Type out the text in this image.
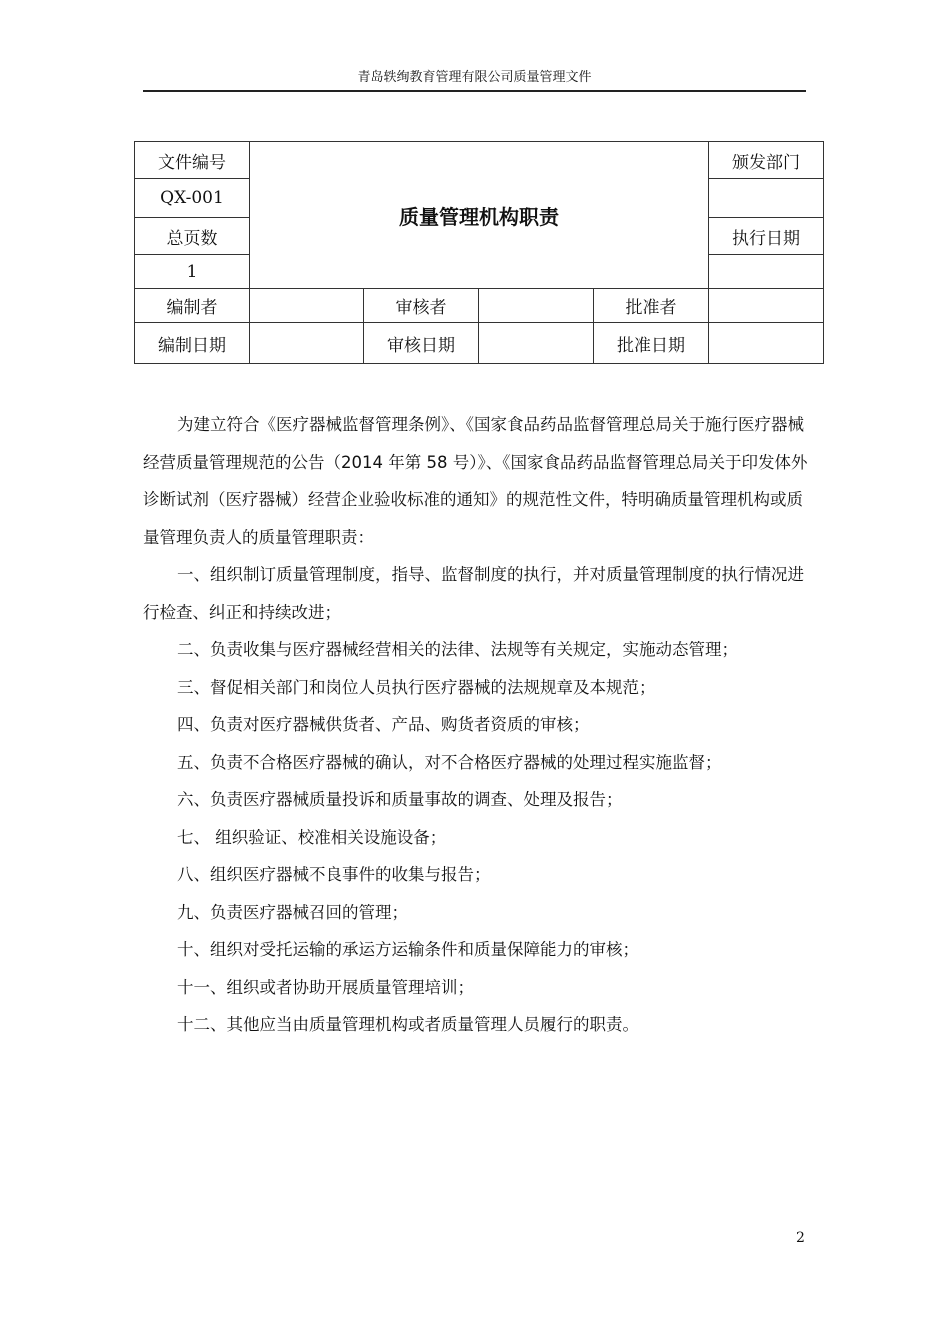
青岛轶绚教育管理有限公司质量管理文件
文件编号	质量管理机构职责				颁发部门
QX-001					
总页数					执行日期
1					
编制者		审核者		批准者	
编制日期		审核日期		批准日期	

为建立符合《医疗器械监督管理条例》、《国家食品药品监督管理总局关于施行医疗器械经营质量管理规范的公告（2014 年第 58 号）》、《国家食品药品监督管理总局关于印发体外诊断试剂（医疗器械）经营企业验收标准的通知》的规范性文件，特明确质量管理机构或质量管理负责人的质量管理职责：

一、组织制订质量管理制度，指导、监督制度的执行，并对质量管理制度的执行情况进行检查、纠正和持续改进；

二、负责收集与医疗器械经营相关的法律、法规等有关规定，实施动态管理；

三、督促相关部门和岗位人员执行医疗器械的法规规章及本规范；

四、负责对医疗器械供货者、产品、购货者资质的审核；

五、负责不合格医疗器械的确认，对不合格医疗器械的处理过程实施监督；

六、负责医疗器械质量投诉和质量事故的调查、处理及报告；

七、 组织验证、校准相关设施设备；

八、组织医疗器械不良事件的收集与报告；

九、负责医疗器械召回的管理；

十、组织对受托运输的承运方运输条件和质量保障能力的审核；

十一、组织或者协助开展质量管理培训；

十二、其他应当由质量管理机构或者质量管理人员履行的职责。

2
